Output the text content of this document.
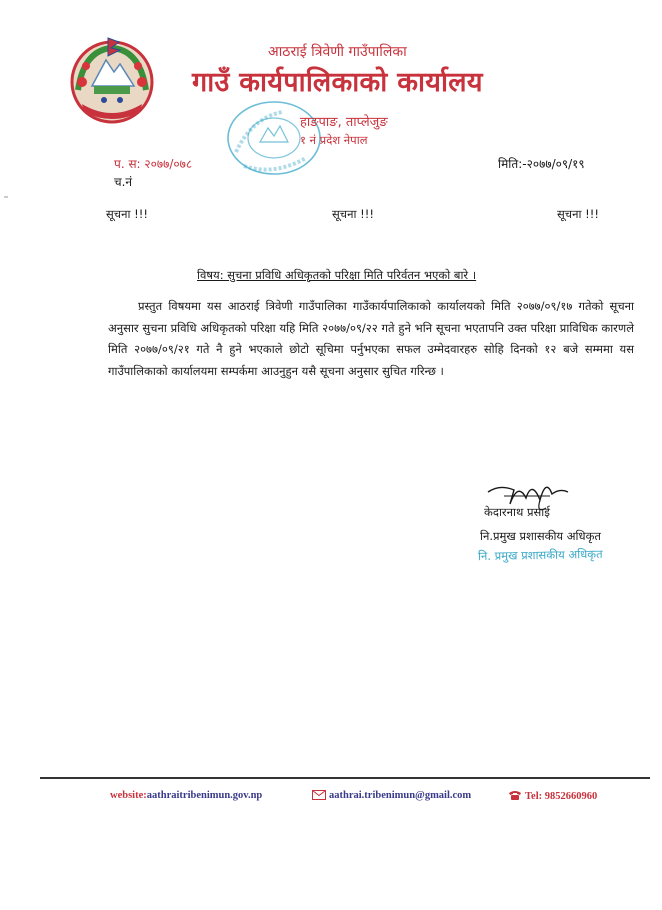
आठराई त्रिवेणी गाउँपालिका
गाउँ कार्यपालिकाको कार्यालय
हाङपाङ, ताप्लेजुङ
१ नं प्रदेश नेपाल
प. स: २०७७/०७८	मिति:-२०७७/०९/१९
च.नं
सूचना !!!	सूचना !!!	सूचना !!!
विषय: सुचना प्रविधि अधिकृतको परिक्षा मिति परिर्वतन भएको बारे ।
प्रस्तुत विषयमा यस आठराई त्रिवेणी गाउँपालिका गाउँकार्यपालिकाको कार्यालयको मिति २०७७/०९/१७ गतेको सूचना अनुसार सुचना प्रविधि अधिकृतको परिक्षा यहि मिति २०७७/०९/२२ गते हुने भनि सूचना भएतापनि उक्त परिक्षा प्राविधिक कारणले मिति २०७७/०९/२१ गते नै हुने भएकाले छोटो सूचिमा पर्नुभएका सफल उम्मेदवारहरु सोहि दिनको १२ बजे सम्ममा यस गाउँपालिकाको कार्यालयमा सम्पर्कमा आउनुहुन यसै सूचना अनुसार सुचित गरिन्छ ।
केदारनाथ प्रसाई
नि.प्रमुख प्रशासकीय अधिकृत
नि. प्रमुख प्रशासकीय अधिकृत
website:aathraitribenimun.gov.np	aathrai.tribenimun@gmail.com	Tel: 9852660960
